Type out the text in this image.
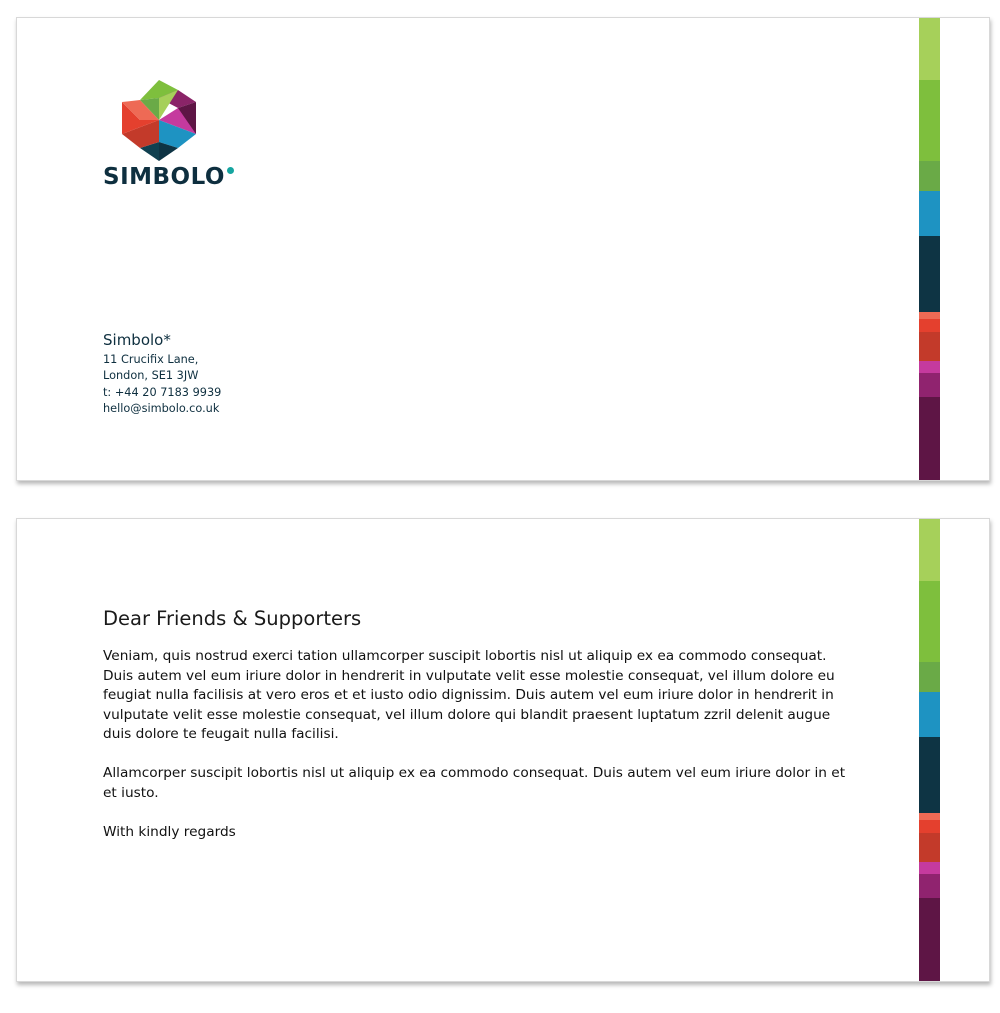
SIMBOLO
Simbolo*
11 Crucifix Lane,
London, SE1 3JW
t: +44 20 7183 9939
hello@simbolo.co.uk
Dear Friends & Supporters

Veniam, quis nostrud exerci tation ullamcorper suscipit lobortis nisl ut aliquip ex ea commodo consequat.
Duis autem vel eum iriure dolor in hendrerit in vulputate velit esse molestie consequat, vel illum dolore eu
feugiat nulla facilisis at vero eros et et iusto odio dignissim. Duis autem vel eum iriure dolor in hendrerit in
vulputate velit esse molestie consequat, vel illum dolore qui blandit praesent luptatum zzril delenit augue
duis dolore te feugait nulla facilisi.

Allamcorper suscipit lobortis nisl ut aliquip ex ea commodo consequat. Duis autem vel eum iriure dolor in et
et iusto.

With kindly regards
